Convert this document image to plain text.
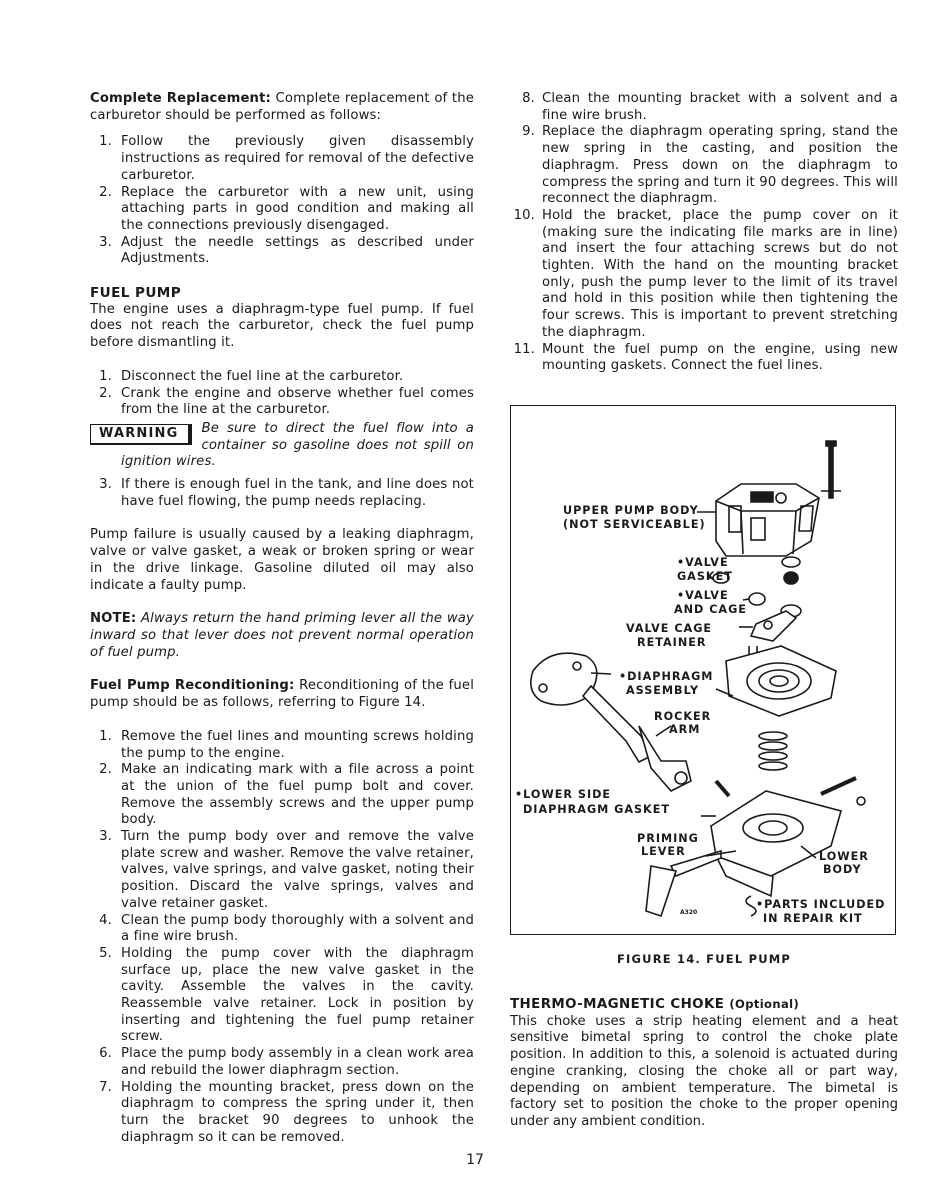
Complete Replacement: Complete replacement of the carburetor should be performed as follows:

1. Follow the previously given disassembly instructions as required for removal of the defective carburetor.
2. Replace the carburetor with a new unit, using attaching parts in good condition and making all the connections previously disengaged.
3. Adjust the needle settings as described under Adjustments.
FUEL PUMP

The engine uses a diaphragm-type fuel pump. If fuel does not reach the carburetor, check the fuel pump before dismantling it.

1. Disconnect the fuel line at the carburetor.
2. Crank the engine and observe whether fuel comes from the line at the carburetor.
WARNING	Be sure to direct the fuel flow into a container so gasoline does not spill on ignition wires.

3. If there is enough fuel in the tank, and line does not have fuel flowing, the pump needs replacing.

Pump failure is usually caused by a leaking diaphragm, valve or valve gasket, a weak or broken spring or wear in the drive linkage. Gasoline diluted oil may also indicate a faulty pump.

NOTE: Always return the hand priming lever all the way inward so that lever does not prevent normal operation of fuel pump.

Fuel Pump Reconditioning: Reconditioning of the fuel pump should be as follows, referring to Figure 14.

1. Remove the fuel lines and mounting screws holding the pump to the engine.
2. Make an indicating mark with a file across a point at the union of the fuel pump bolt and cover. Remove the assembly screws and the upper pump body.
3. Turn the pump body over and remove the valve plate screw and washer. Remove the valve retainer, valves, valve springs, and valve gasket, noting their position. Discard the valve springs, valves and valve retainer gasket.
4. Clean the pump body thoroughly with a solvent and a fine wire brush.
5. Holding the pump cover with the diaphragm surface up, place the new valve gasket in the cavity. Assemble the valves in the cavity. Reassemble valve retainer. Lock in position by inserting and tightening the fuel pump retainer screw.
6. Place the pump body assembly in a clean work area and rebuild the lower diaphragm section.
7. Holding the mounting bracket, press down on the diaphragm to compress the spring under it, then turn the bracket 90 degrees to unhook the diaphragm so it can be removed.
8. Clean the mounting bracket with a solvent and a fine wire brush.
9. Replace the diaphragm operating spring, stand the new spring in the casting, and position the diaphragm. Press down on the diaphragm to compress the spring and turn it 90 degrees. This will reconnect the diaphragm.
10. Hold the bracket, place the pump cover on it (making sure the indicating file marks are in line) and insert the four attaching screws but do not tighten. With the hand on the mounting bracket only, push the pump lever to the limit of its travel and hold in this position while then tightening the four screws. This is important to prevent stretching the diaphragm.
11. Mount the fuel pump on the engine, using new mounting gaskets. Connect the fuel lines.
UPPER PUMP BODY
(NOT SERVICEABLE)
•VALVE
GASKET
•VALVE
AND CAGE
VALVE CAGE
RETAINER
•DIAPHRAGM
ASSEMBLY
ROCKER
ARM
•LOWER SIDE
DIAPHRAGM GASKET
PRIMING
LEVER	LOWER
BODY
•PARTS INCLUDED
IN REPAIR KIT
A320
FIGURE 14. FUEL PUMP
THERMO-MAGNETIC CHOKE (Optional)

This choke uses a strip heating element and a heat sensitive bimetal spring to control the choke plate position. In addition to this, a solenoid is actuated during engine cranking, closing the choke all or part way, depending on ambient temperature. The bimetal is factory set to position the choke to the proper opening under any ambient condition.

17
